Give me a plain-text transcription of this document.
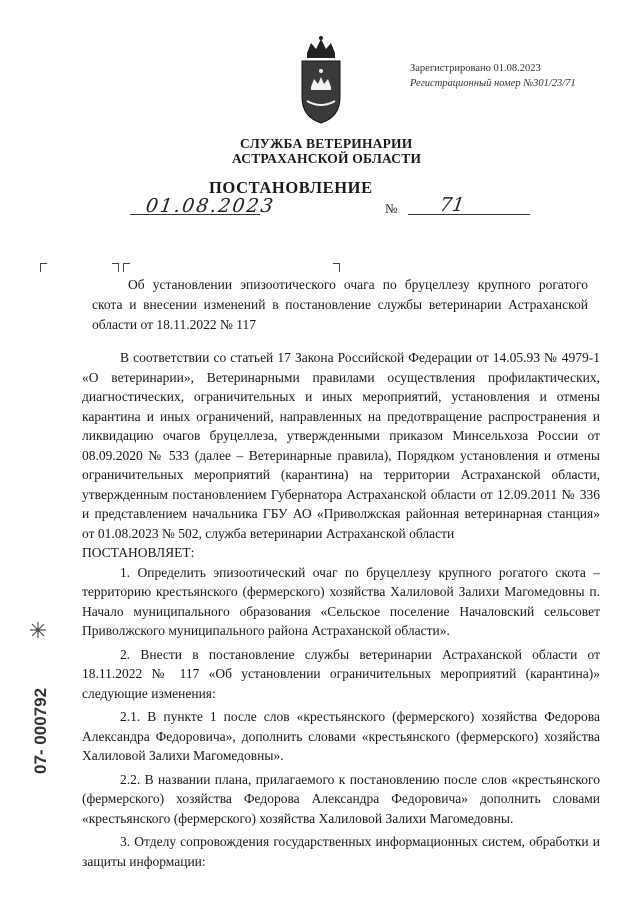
Зарегистрировано 01.08.2023
Регистрационный номер №301/23/71
СЛУЖБА ВЕТЕРИНАРИИ
АСТРАХАНСКОЙ ОБЛАСТИ
ПОСТАНОВЛЕНИЕ
01.08.2023	№ 71
Об установлении эпизоотического очага по бруцеллезу крупного рогатого скота и внесении изменений в постановление службы ветеринарии Астраханской области от 18.11.2022 № 117

В соответствии со статьей 17 Закона Российской Федерации от 14.05.93 № 4979-1 «О ветеринарии», Ветеринарными правилами осуществления профилактических, диагностических, ограничительных и иных мероприятий, установления и отмены карантина и иных ограничений, направленных на предотвращение распространения и ликвидацию очагов бруцеллеза, утвержденными приказом Минсельхоза России от 08.09.2020 № 533 (далее – Ветеринарные правила), Порядком установления и отмены ограничительных мероприятий (карантина) на территории Астраханской области, утвержденным постановлением Губернатора Астраханской области от 12.09.2011 № 336 и представлением начальника ГБУ АО «Приволжская районная ветеринарная станция» от 01.08.2023 № 502, служба ветеринарии Астраханской области

ПОСТАНОВЛЯЕТ:

1. Определить эпизоотический очаг по бруцеллезу крупного рогатого скота – территорию крестьянского (фермерского) хозяйства Халиловой Залихи Магомедовны п. Начало муниципального образования «Сельское поселение Началовский сельсовет Приволжского муниципального района Астраханской области».

2. Внести в постановление службы ветеринарии Астраханской области от 18.11.2022 № 117 «Об установлении ограничительных мероприятий (карантина)» следующие изменения:

2.1. В пункте 1 после слов «крестьянского (фермерского) хозяйства Федорова Александра Федоровича», дополнить словами «крестьянского (фермерского) хозяйства Халиловой Залихи Магомедовны».

2.2. В названии плана, прилагаемого к постановлению после слов «крестьянского (фермерского) хозяйства Федорова Александра Федоровича» дополнить словами «крестьянского (фермерского) хозяйства Халиловой Залихи Магомедовны.

3. Отделу сопровождения государственных информационных систем, обработки и защиты информации:

07- 000792
